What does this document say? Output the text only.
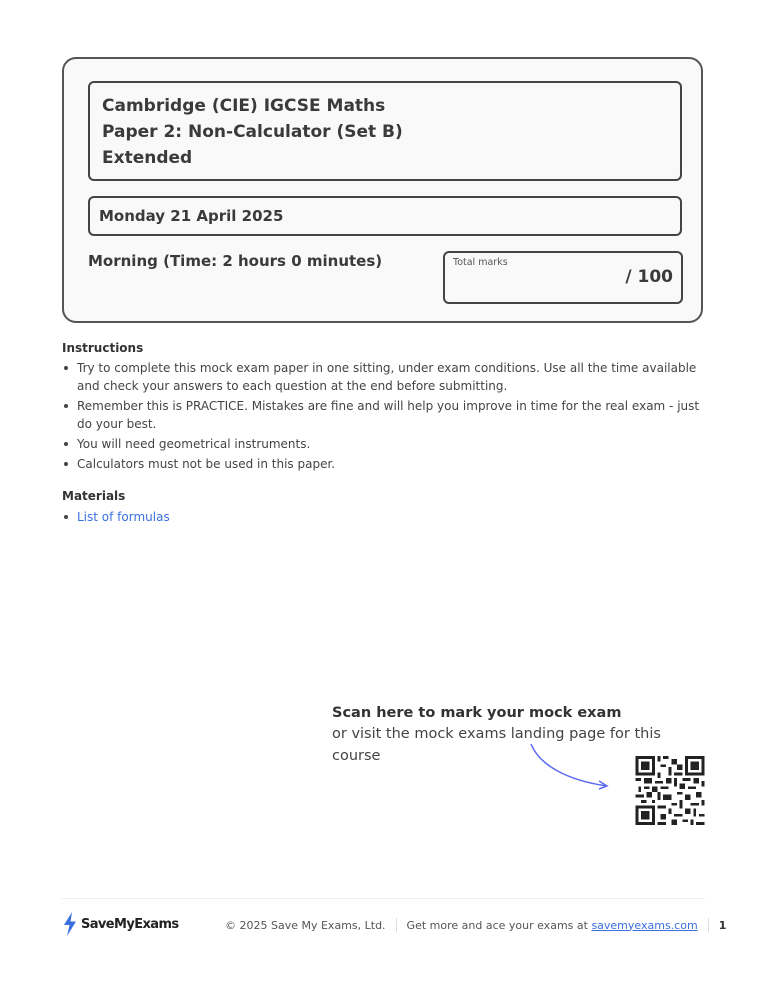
Cambridge (CIE) IGCSE Maths
Paper 2: Non-Calculator (Set B)
Extended
Monday 21 April 2025
Morning (Time: 2 hours 0 minutes)	Total marks
/ 100
Instructions
Try to complete this mock exam paper in one sitting, under exam conditions. Use all the time available and check your answers to each question at the end before submitting.
Remember this is PRACTICE. Mistakes are fine and will help you improve in time for the real exam - just do your best.
You will need geometrical instruments.
Calculators must not be used in this paper.
Materials
List of formulas
Scan here to mark your mock exam
or visit the mock exams landing page for this course
SaveMyExams	© 2025 Save My Exams, Ltd. Get more and ace your exams at savemyexams.com 1
